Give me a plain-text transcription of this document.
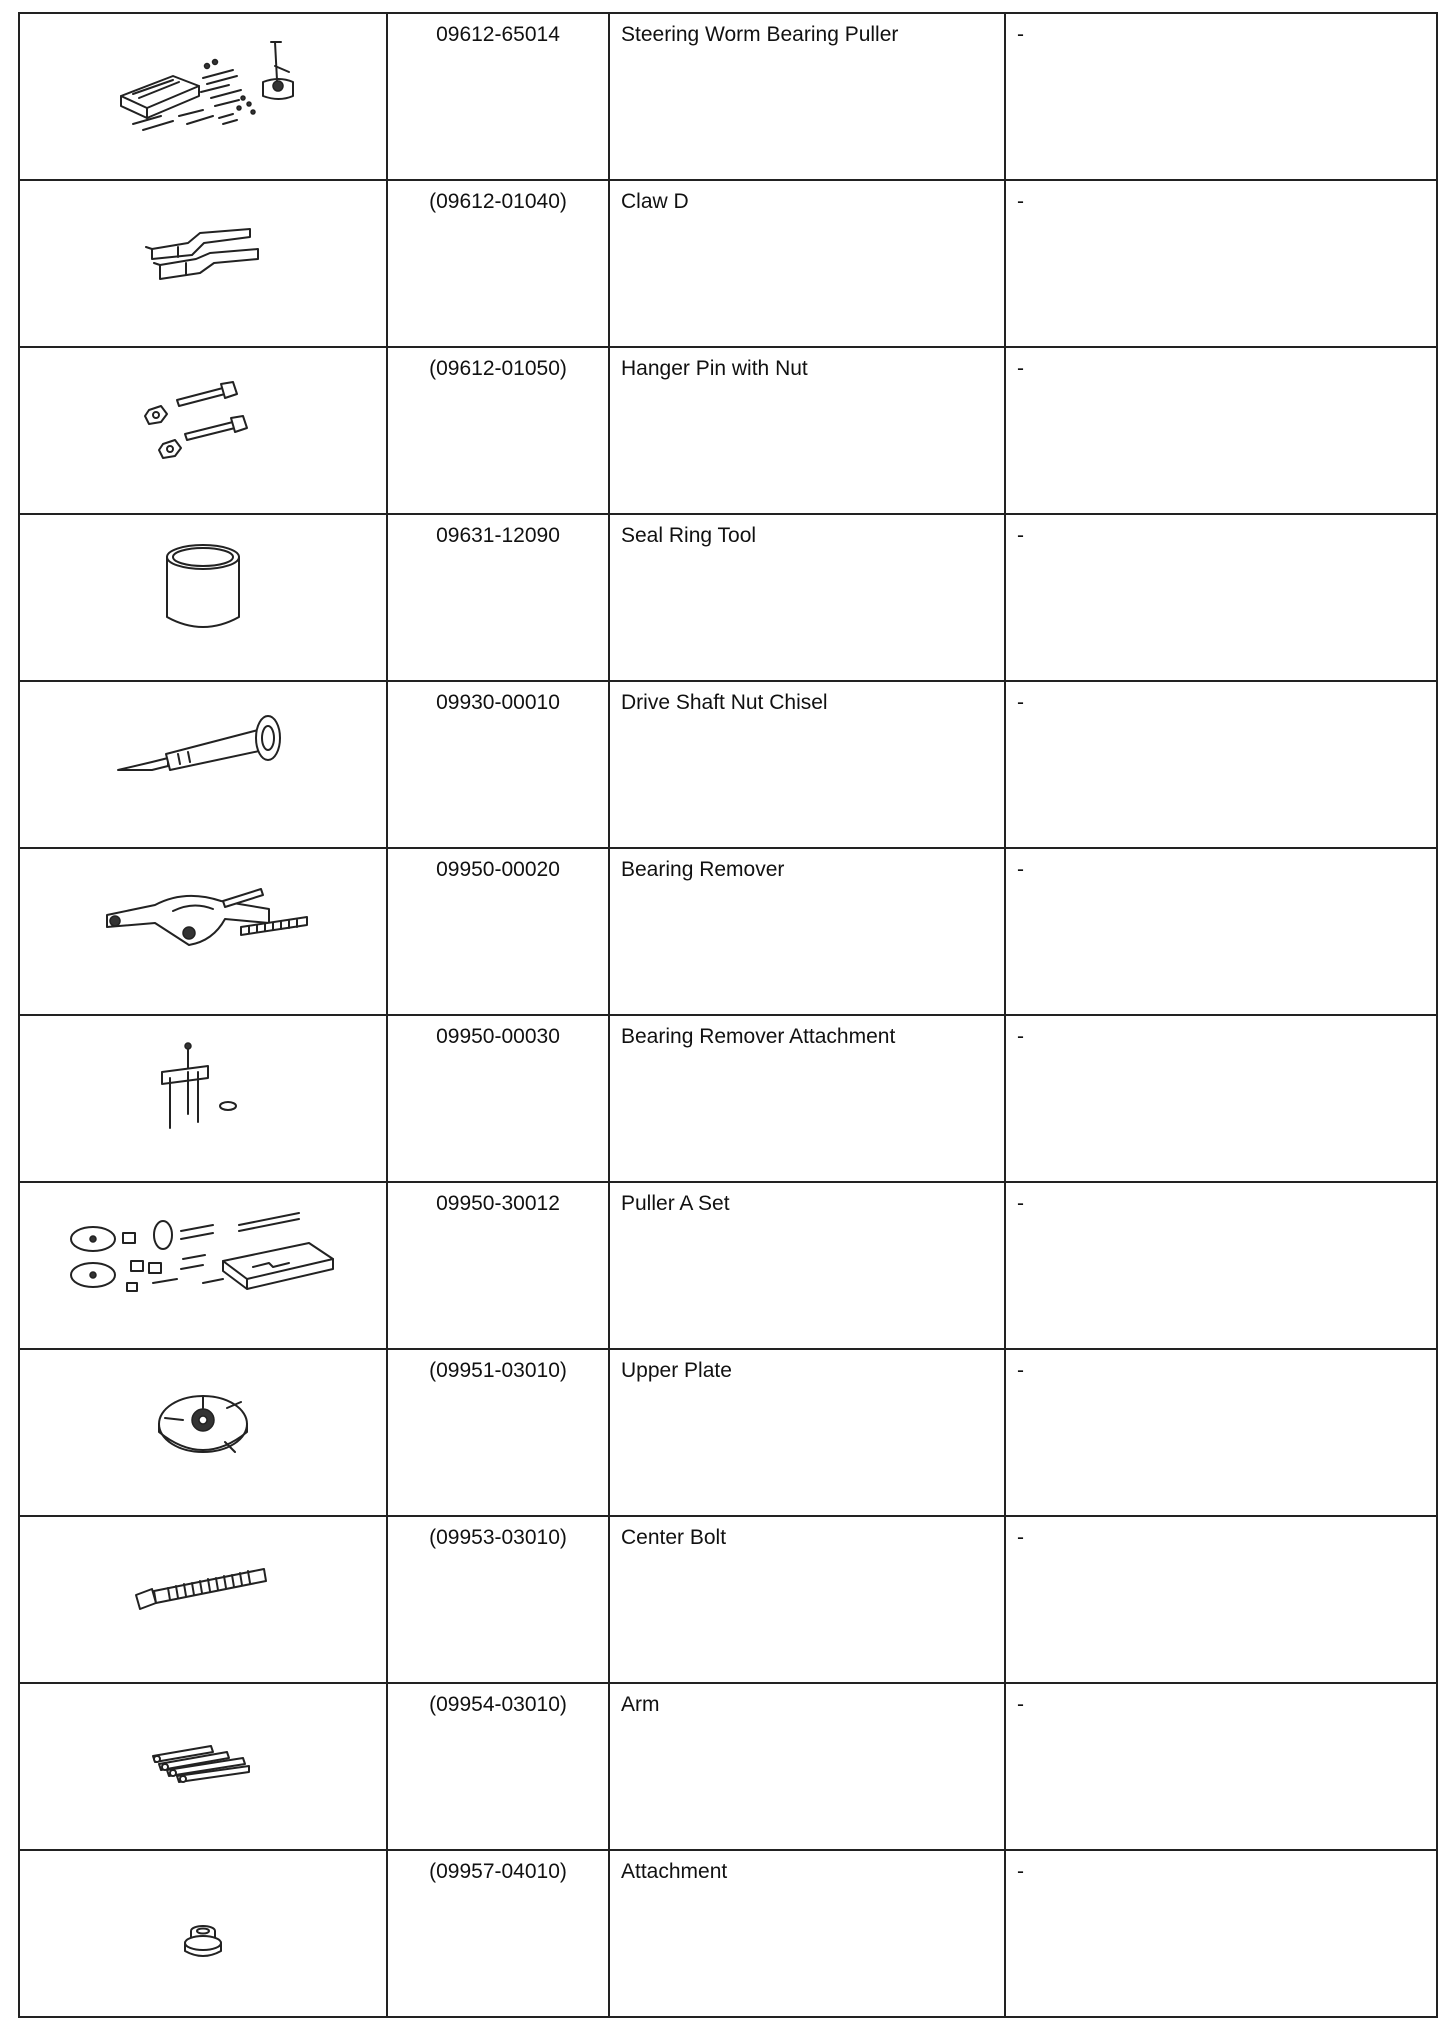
	09612-65014	Steering Worm Bearing Puller	-

	(09612-01040)	Claw D	-

	(09612-01050)	Hanger Pin with Nut	-

	09631-12090	Seal Ring Tool	-

	09930-00010	Drive Shaft Nut Chisel	-

	09950-00020	Bearing Remover	-

	09950-00030	Bearing Remover Attachment	-

	09950-30012	Puller A Set	-

	(09951-03010)	Upper Plate	-

	(09953-03010)	Center Bolt	-

	(09954-03010)	Arm	-

	(09957-04010)	Attachment	-
